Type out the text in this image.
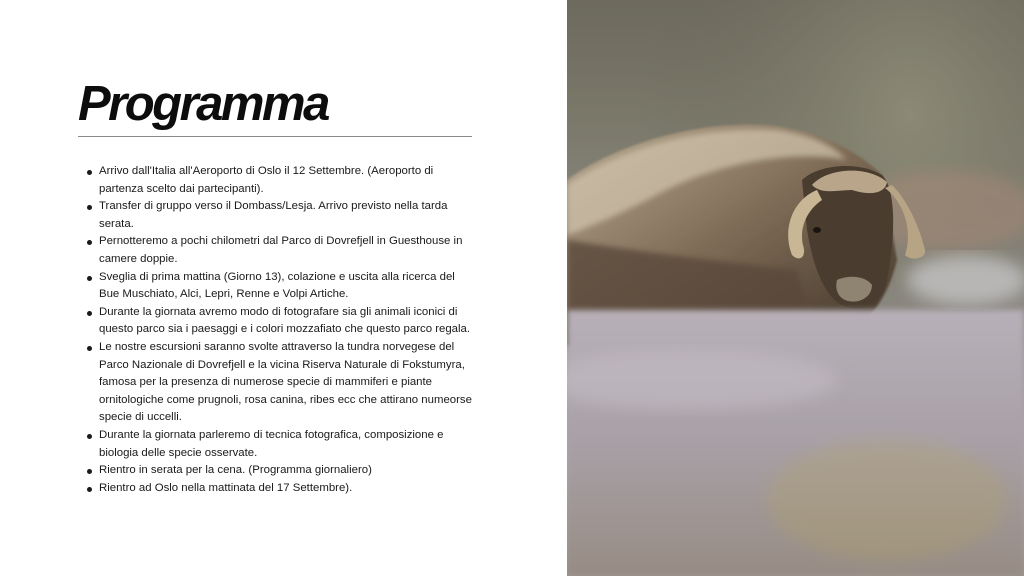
Programma
Arrivo dall'Italia all'Aeroporto di Oslo il 12 Settembre. (Aeroporto di partenza scelto dai partecipanti).
Transfer di gruppo verso il Dombass/Lesja. Arrivo previsto nella tarda serata.
Pernotteremo a pochi chilometri dal Parco di Dovrefjell in Guesthouse in camere doppie.
Sveglia di prima mattina (Giorno 13), colazione e uscita alla ricerca del Bue Muschiato, Alci, Lepri, Renne e Volpi Artiche.
Durante la giornata avremo modo di fotografare sia gli animali iconici di questo parco sia i paesaggi e i colori mozzafiato che questo parco regala.
Le nostre escursioni saranno svolte attraverso la tundra norvegese del Parco Nazionale di Dovrefjell e la vicina Riserva Naturale di Fokstumyra, famosa per la presenza di numerose specie di mammiferi e piante ornitologiche come prugnoli, rosa canina, ribes ecc che attirano numeorse specie di uccelli.
Durante la giornata parleremo di tecnica fotografica, composizione e biologia delle specie osservate.
Rientro in serata per la cena. (Programma giornaliero)
Rientro ad Oslo nella mattinata del 17 Settembre).
